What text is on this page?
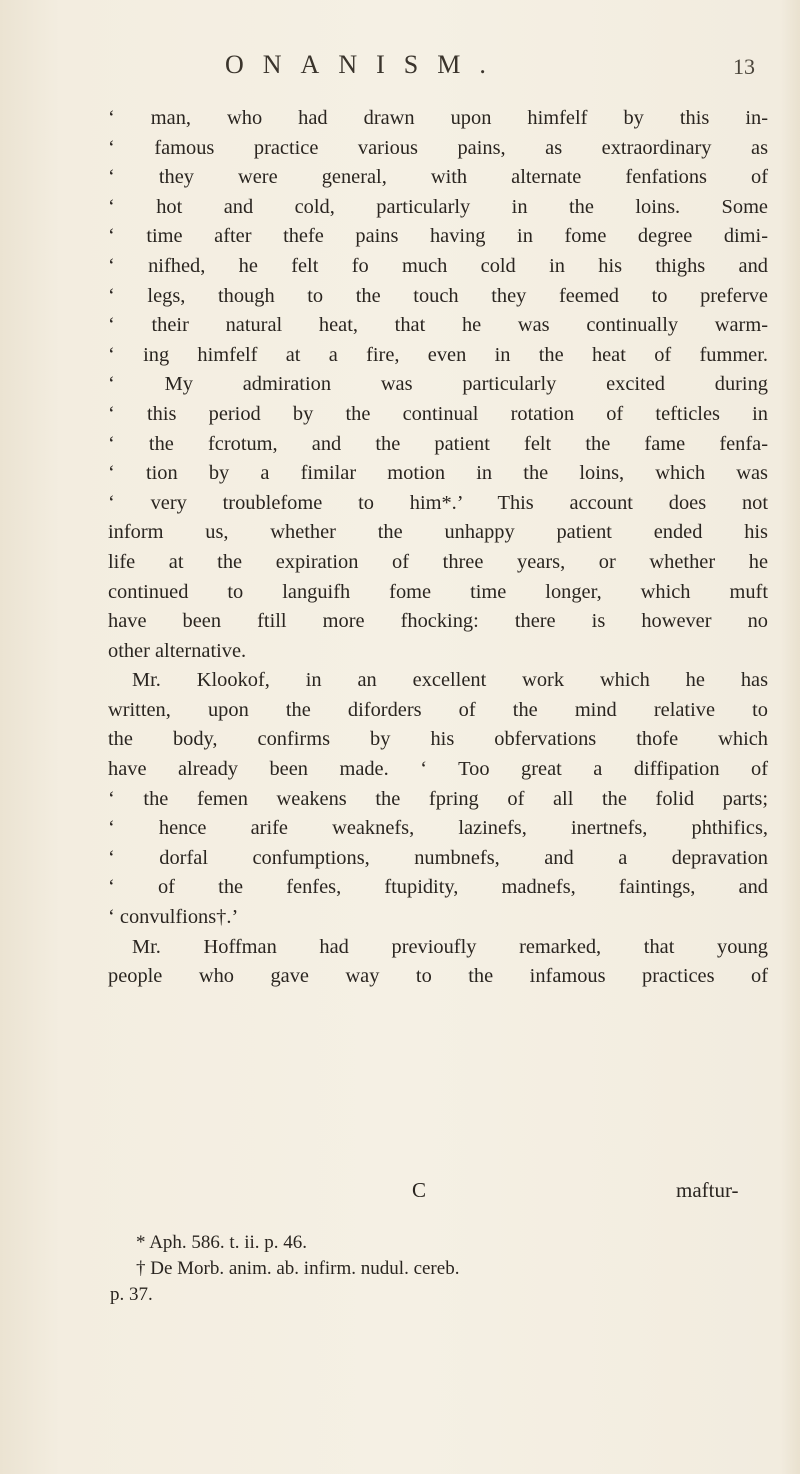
ONANISM.	13
‘ man, who had drawn upon himfelf by this in-
‘ famous practice various pains, as extraordinary as
‘ they were general, with alternate fenfations of
‘ hot and cold, particularly in the loins. Some
‘ time after thefe pains having in fome degree dimi-
‘ nifhed, he felt fo much cold in his thighs and
‘ legs, though to the touch they feemed to preferve
‘ their natural heat, that he was continually warm-
‘ ing himfelf at a fire, even in the heat of fummer.
‘ My admiration was particularly excited during
‘ this period by the continual rotation of tefticles in
‘ the fcrotum, and the patient felt the fame fenfa-
‘ tion by a fimilar motion in the loins, which was
‘ very troublefome to him*.’ This account does not
inform us, whether the unhappy patient ended his
life at the expiration of three years, or whether he
continued to languifh fome time longer, which muft
have been ftill more fhocking: there is however no
other alternative.
Mr. Klookof, in an excellent work which he has
written, upon the diforders of the mind relative to
the body, confirms by his obfervations thofe which
have already been made. ‘ Too great a diffipation of
‘ the femen weakens the fpring of all the folid parts;
‘ hence arife weaknefs, lazinefs, inertnefs, phthifics,
‘ dorfal confumptions, numbnefs, and a depravation
‘ of the fenfes, ftupidity, madnefs, faintings, and
‘ convulfions†.’
Mr. Hoffman had previoufly remarked, that young
people who gave way to the infamous practices of
C	maftur-
* Aph. 586. t. ii. p. 46.
† De Morb. anim. ab. infirm. nudul. cereb.
p. 37.
